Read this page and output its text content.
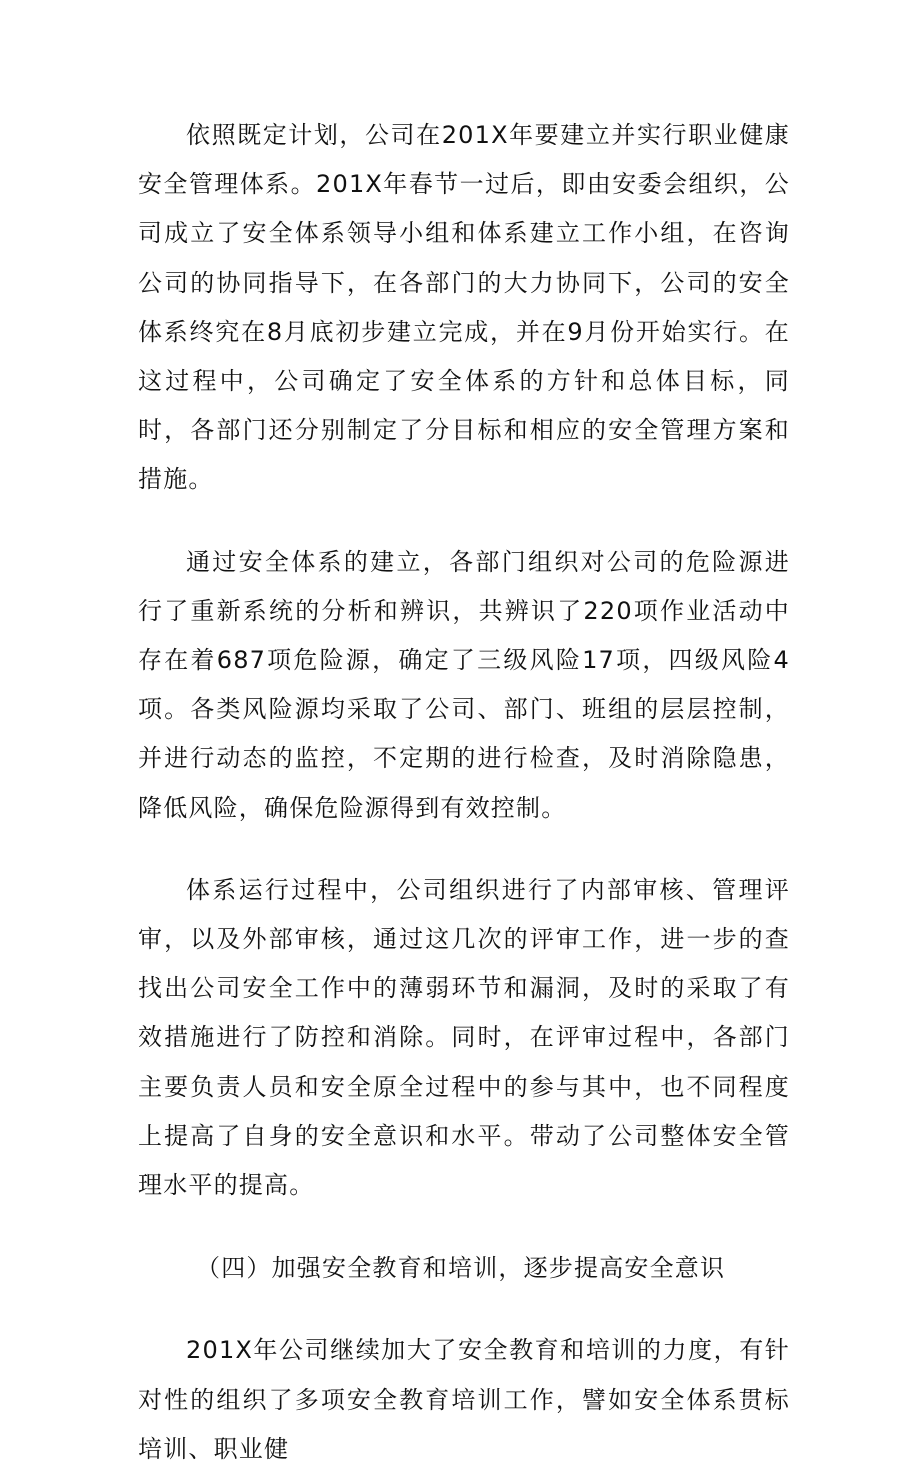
依照既定计划，公司在201X年要建立并实行职业健康安全管理体系。201X年春节一过后，即由安委会组织，公司成立了安全体系领导小组和体系建立工作小组，在咨询公司的协同指导下，在各部门的大力协同下，公司的安全体系终究在8月底初步建立完成，并在9月份开始实行。在这过程中，公司确定了安全体系的方针和总体目标，同时，各部门还分别制定了分目标和相应的安全管理方案和措施。

通过安全体系的建立，各部门组织对公司的危险源进行了重新系统的分析和辨识，共辨识了220项作业活动中存在着687项危险源，确定了三级风险17项，四级风险4项。各类风险源均采取了公司、部门、班组的层层控制，并进行动态的监控，不定期的进行检查，及时消除隐患，降低风险，确保危险源得到有效控制。

体系运行过程中，公司组织进行了内部审核、管理评审，以及外部审核，通过这几次的评审工作，进一步的查找出公司安全工作中的薄弱环节和漏洞，及时的采取了有效措施进行了防控和消除。同时，在评审过程中，各部门主要负责人员和安全原全过程中的参与其中，也不同程度上提高了自身的安全意识和水平。带动了公司整体安全管理水平的提高。

（四）加强安全教育和培训，逐步提高安全意识

201X年公司继续加大了安全教育和培训的力度，有针对性的组织了多项安全教育培训工作，譬如安全体系贯标培训、职业健
